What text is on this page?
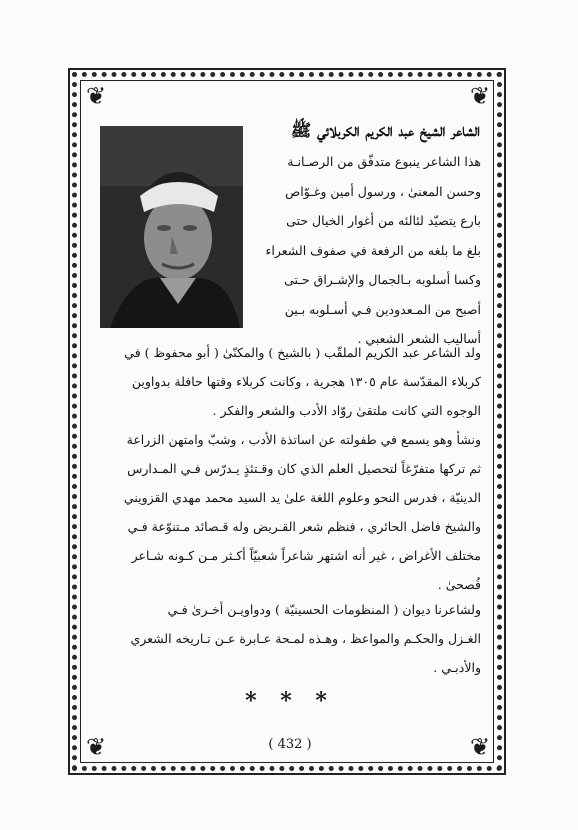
❦	❦
❦	❦
الشاعر الشيخ عبد الكريم الكربلائي ﷺ
هذا الشاعر ينبوع متدفّق من الرصـانـة
وحسن المعنىٰ ، ورسول أمين وغـوّاص
بارع يتصيّد لئالئه من أغوار الخيال حتى
بلغ ما بلغه من الرفعة في صفوف الشعراء
وكسا أسلوبه بـالجمال والإشـراق حـتى
أصبح من المـعدودين فـي أسـلوبه بـين
أساليب الشعر الشعبي .
ولد الشاعر عبد الكريم الملقّب ( بالشيخ ) والمكنّىٰ ( أبو محفوظ ) في
كربلاء المقدّسة عام ١٣٠٥ هجرية ، وكانت كربلاء وقتها حافلة بدواوين
الوجوه التي كانت ملتقىٰ روّاد الأدب والشعر والفكر .
ونشأ وهو يسمع في طفولته عن اساتذة الأدب ، وشبّ وامتهن الزراعة
ثم تركها متفرّغاً لتحصيل العلم الذي كان وقـتئذٍ يـدرّس فـي المـدارس
الدينيّة ، فدرس النحو وعلوم اللغة علىٰ يد السيد محمد مهدي القزويني
والشيخ فاضل الحائري ، فنظم شعر القـريض وله قـصائد مـتنوّعة فـي
مختلف الأغراض ، غير أنه اشتهر شاعراً شعبيّاً أكـثر مـن كـونه شـاعر
فُصحىٰ .
ولشاعرنا ديوان ( المنظومات الحسينيّة ) ودواويـن أخـرىٰ فـي
الغـزل والحكـم والمواعظ ، وهـذه لمـحة عـابرة عـن تـاريخه الشعري
والأدبـي .
* * *
( 432 )
